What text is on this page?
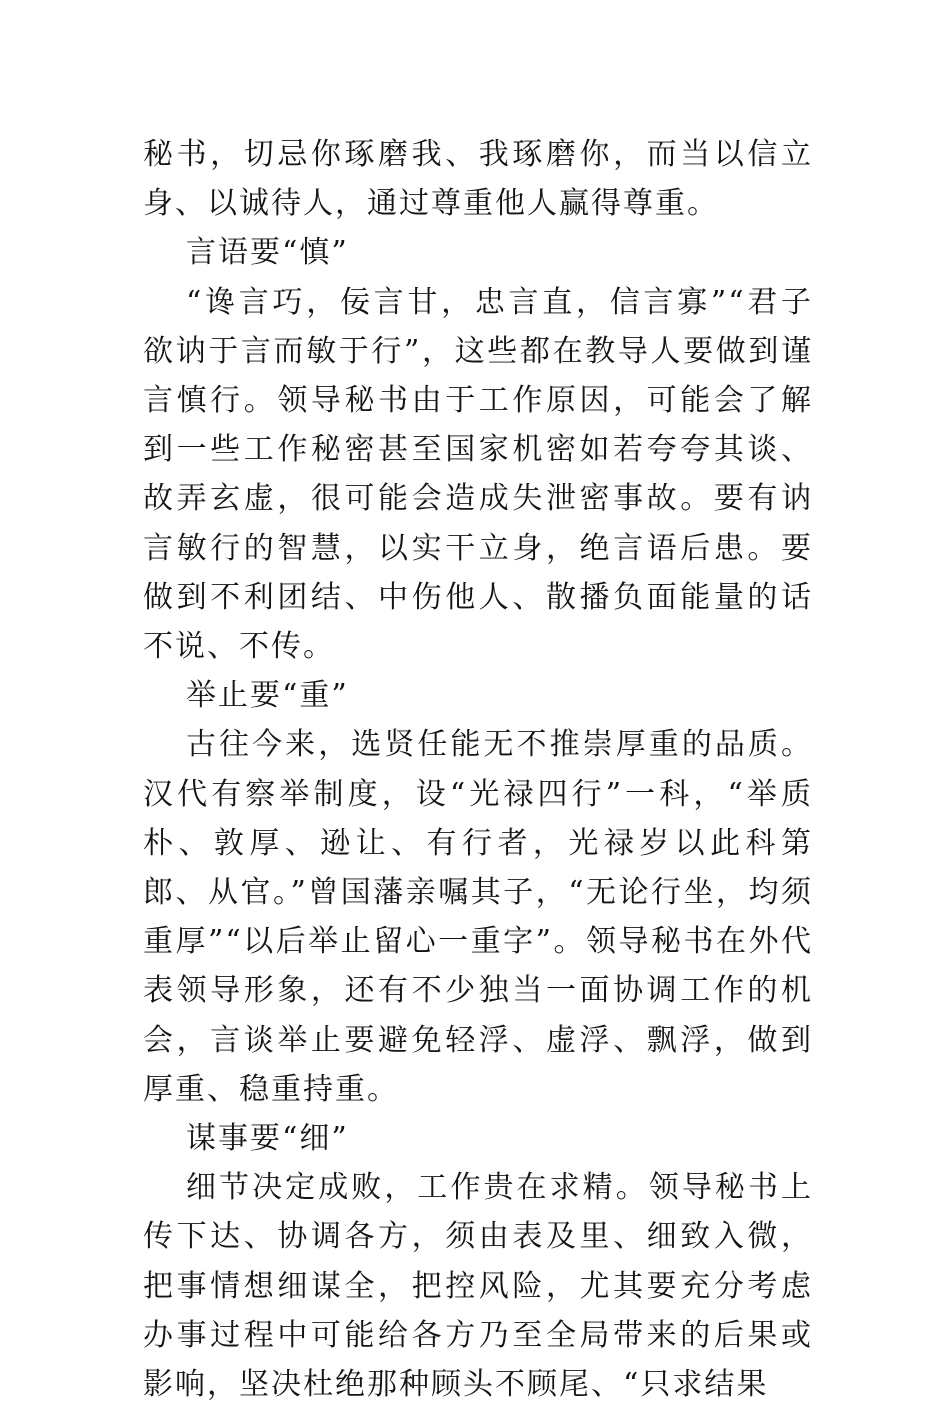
秘书，切忌你琢磨我、我琢磨你，而当以信立身、以诚待人，通过尊重他人赢得尊重。

言语要“慎”

“谗言巧，佞言甘，忠言直，信言寡”“君子欲讷于言而敏于行”，这些都在教导人要做到谨言慎行。领导秘书由于工作原因，可能会了解到一些工作秘密甚至国家机密如若夸夸其谈、故弄玄虚，很可能会造成失泄密事故。要有讷言敏行的智慧，以实干立身，绝言语后患。要做到不利团结、中伤他人、散播负面能量的话不说、不传。

举止要“重”

古往今来，选贤任能无不推崇厚重的品质。汉代有察举制度，设“光禄四行”一科，“举质朴、敦厚、逊让、有行者，光禄岁以此科第郎、从官。”曾国藩亲嘱其子，“无论行坐，均须重厚”“以后举止留心一重字”。领导秘书在外代表领导形象，还有不少独当一面协调工作的机会，言谈举止要避免轻浮、虚浮、飘浮，做到厚重、稳重持重。

谋事要“细”

细节决定成败，工作贵在求精。领导秘书上传下达、协调各方，须由表及里、细致入微，把事情想细谋全，把控风险，尤其要充分考虑办事过程中可能给各方乃至全局带来的后果或影响，坚决杜绝那种顾头不顾尾、“只求结果
